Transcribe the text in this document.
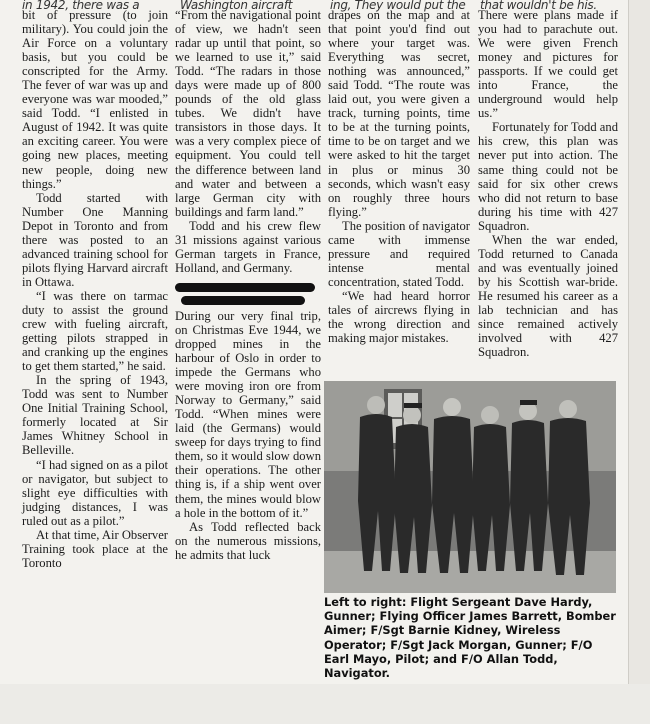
in 1942, there was a	Washington aircraft	ing, They would put the that wouldn't be his.

bit of pressure (to join military). You could join the Air Force on a voluntary basis, but you could be conscripted for the Army. The fever of war was up and everyone was war mooded,” said Todd. “I enlisted in August of 1942. It was quite an exciting career. You were going new places, meeting new people, doing new things.”

Todd started with Number One Manning Depot in Toronto and from there was posted to an advanced training school for pilots flying Harvard aircraft in Ottawa.

“I was there on tarmac duty to assist the ground crew with fueling aircraft, getting pilots strapped in and cranking up the engines to get them started,” he said.

In the spring of 1943, Todd was sent to Number One Initial Training School, formerly located at Sir James Whitney School in Belleville.

“I had signed on as a pilot or navigator, but subject to slight eye difficulties with judging distances, I was ruled out as a pilot.”

At that time, Air Observer Training took place at the Toronto

“From the navigational point of view, we hadn't seen radar up until that point, so we learned to use it,” said Todd. “The radars in those days were made up of 800 pounds of the old glass tubes. We didn't have transistors in those days. It was a very complex piece of equipment. You could tell the difference between land and water and between a large German city with buildings and farm land.”

Todd and his crew flew 31 missions against various German targets in France, Holland, and Germany.

During our very final trip, on Christmas Eve 1944, we dropped mines in the harbour of Oslo in order to impede the Germans who were moving iron ore from Norway to Germany,” said Todd. “When mines were laid (the Germans) would sweep for days trying to find them, so it would slow down their operations. The other thing is, if a ship went over them, the mines would blow a hole in the bottom of it.”

As Todd reflected back on the numerous missions, he admits that luck

drapes on the map and at that point you'd find out where your target was. Everything was secret, nothing was announced,” said Todd. “The route was laid out, you were given a track, turning points, time to be at the turning points, time to be on target and we were asked to hit the target in plus or minus 30 seconds, which wasn't easy on roughly three hours flying.”

The position of navigator came with immense pressure and required intense mental concentration, stated Todd.

“We had heard horror tales of aircrews flying in the wrong direction and making major mistakes.

There were plans made if you had to parachute out. We were given French money and pictures for passports. If we could get into France, the underground would help us.”

Fortunately for Todd and his crew, this plan was never put into action. The same thing could not be said for six other crews who did not return to base during his time with 427 Squadron.

When the war ended, Todd returned to Canada and was eventually joined by his Scottish war-bride. He resumed his career as a lab technician and has since remained actively involved with 427 Squadron.

Left to right: Flight Sergeant Dave Hardy, Gunner; Flying Officer James Barrett, Bomber Aimer; F/Sgt Barnie Kidney, Wireless Operator; F/Sgt Jack Morgan, Gunner; F/O Earl Mayo, Pilot; and F/O Allan Todd, Navigator.
